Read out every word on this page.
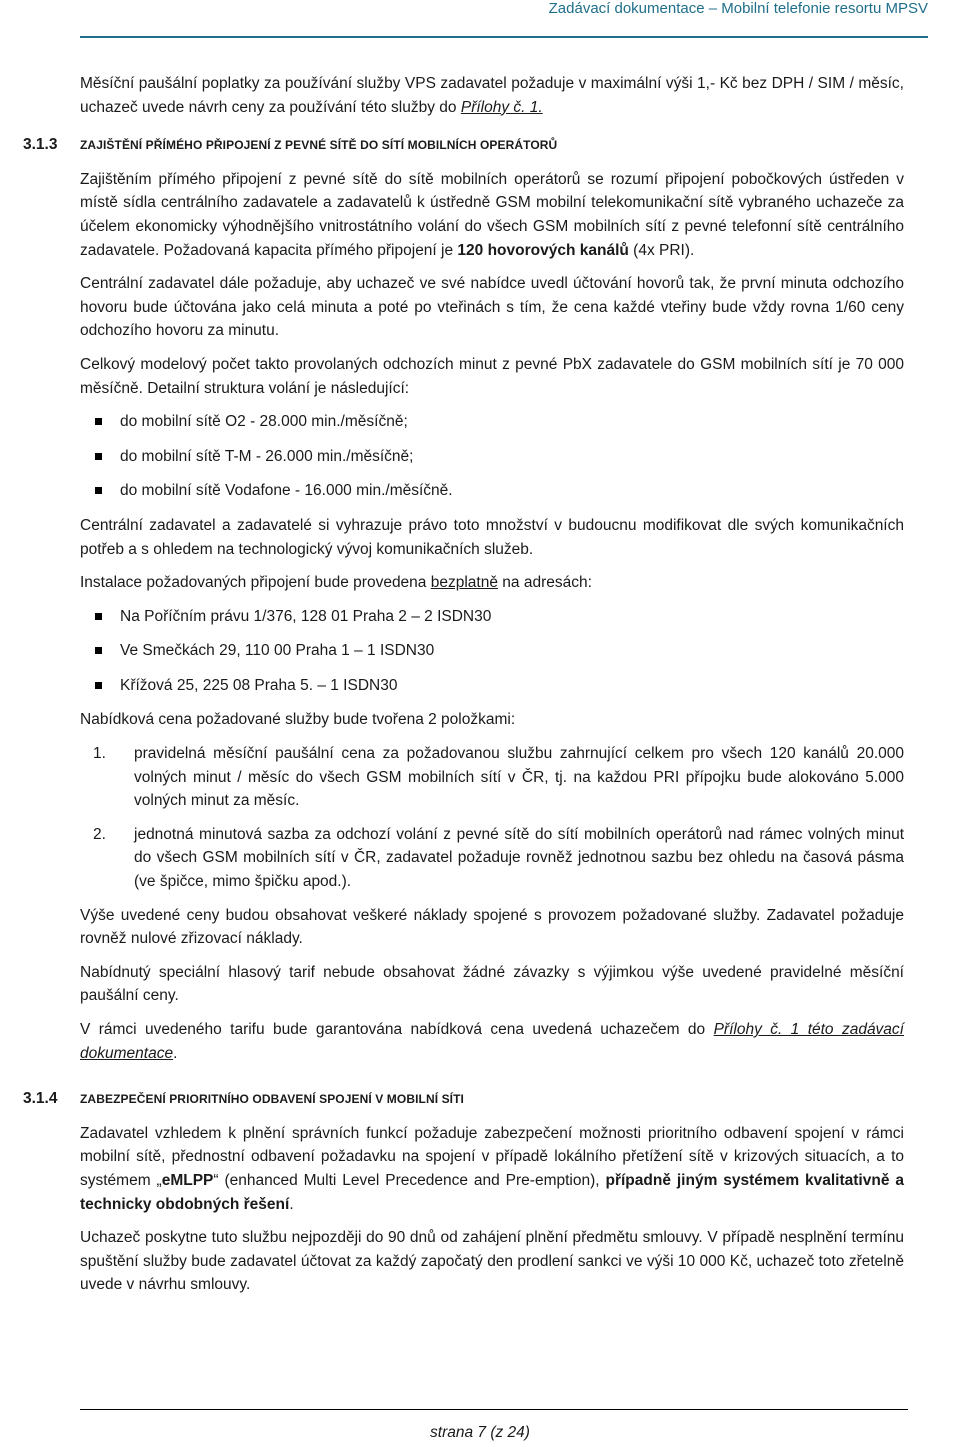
Zadávací dokumentace – Mobilní telefonie resortu MPSV

Měsíční paušální poplatky za používání služby VPS zadavatel požaduje v maximální výši 1,- Kč bez DPH / SIM / měsíc, uchazeč uvede návrh ceny za používání této služby do Přílohy č. 1.

3.1.3	ZAJIŠTĚNÍ PŘÍMÉHO PŘIPOJENÍ Z PEVNÉ SÍTĚ DO SÍTÍ MOBILNÍCH OPERÁTORŮ

Zajištěním přímého připojení z pevné sítě do sítě mobilních operátorů se rozumí připojení pobočkových ústředen v místě sídla centrálního zadavatele a zadavatelů k ústředně GSM mobilní telekomunikační sítě vybraného uchazeče za účelem ekonomicky výhodnějšího vnitrostátního volání do všech GSM mobilních sítí z pevné telefonní sítě centrálního zadavatele. Požadovaná kapacita přímého připojení je 120 hovorových kanálů (4x PRI).

Centrální zadavatel dále požaduje, aby uchazeč ve své nabídce uvedl účtování hovorů tak, že první minuta odchozího hovoru bude účtována jako celá minuta a poté po vteřinách s tím, že cena každé vteřiny bude vždy rovna 1/60 ceny odchozího hovoru za minutu.

Celkový modelový počet takto provolaných odchozích minut z pevné PbX zadavatele do GSM mobilních sítí je 70 000 měsíčně. Detailní struktura volání je následující:

do mobilní sítě O2 - 28.000 min./měsíčně;
do mobilní sítě T-M - 26.000 min./měsíčně;
do mobilní sítě Vodafone - 16.000 min./měsíčně.

Centrální zadavatel a zadavatelé si vyhrazuje právo toto množství v budoucnu modifikovat dle svých komunikačních potřeb a s ohledem na technologický vývoj komunikačních služeb.

Instalace požadovaných připojení bude provedena bezplatně na adresách:

Na Poříčním právu 1/376, 128 01 Praha 2 – 2 ISDN30
Ve Smečkách 29, 110 00 Praha 1 – 1 ISDN30
Křížová 25, 225 08 Praha 5. – 1 ISDN30

Nabídková cena požadované služby bude tvořena 2 položkami:

1. pravidelná měsíční paušální cena za požadovanou službu zahrnující celkem pro všech 120 kanálů 20.000 volných minut / měsíc do všech GSM mobilních sítí v ČR, tj. na každou PRI přípojku bude alokováno 5.000 volných minut za měsíc.
2. jednotná minutová sazba za odchozí volání z pevné sítě do sítí mobilních operátorů nad rámec volných minut do všech GSM mobilních sítí v ČR, zadavatel požaduje rovněž jednotnou sazbu bez ohledu na časová pásma (ve špičce, mimo špičku apod.).

Výše uvedené ceny budou obsahovat veškeré náklady spojené s provozem požadované služby. Zadavatel požaduje rovněž nulové zřizovací náklady.

Nabídnutý speciální hlasový tarif nebude obsahovat žádné závazky s výjimkou výše uvedené pravidelné měsíční paušální ceny.

V rámci uvedeného tarifu bude garantována nabídková cena uvedená uchazečem do Přílohy č. 1 této zadávací dokumentace.

3.1.4	ZABEZPEČENÍ PRIORITNÍHO ODBAVENÍ SPOJENÍ V MOBILNÍ SÍTI

Zadavatel vzhledem k plnění správních funkcí požaduje zabezpečení možnosti prioritního odbavení spojení v rámci mobilní sítě, přednostní odbavení požadavku na spojení v případě lokálního přetížení sítě v krizových situacích, a to systémem „eMLPP“ (enhanced Multi Level Precedence and Pre-emption), případně jiným systémem kvalitativně a technicky obdobných řešení.

Uchazeč poskytne tuto službu nejpozději do 90 dnů od zahájení plnění předmětu smlouvy. V případě nesplnění termínu spuštění služby bude zadavatel účtovat za každý započatý den prodlení sankci ve výši 10 000 Kč, uchazeč toto zřetelně uvede v návrhu smlouvy.

strana 7 (z 24)
